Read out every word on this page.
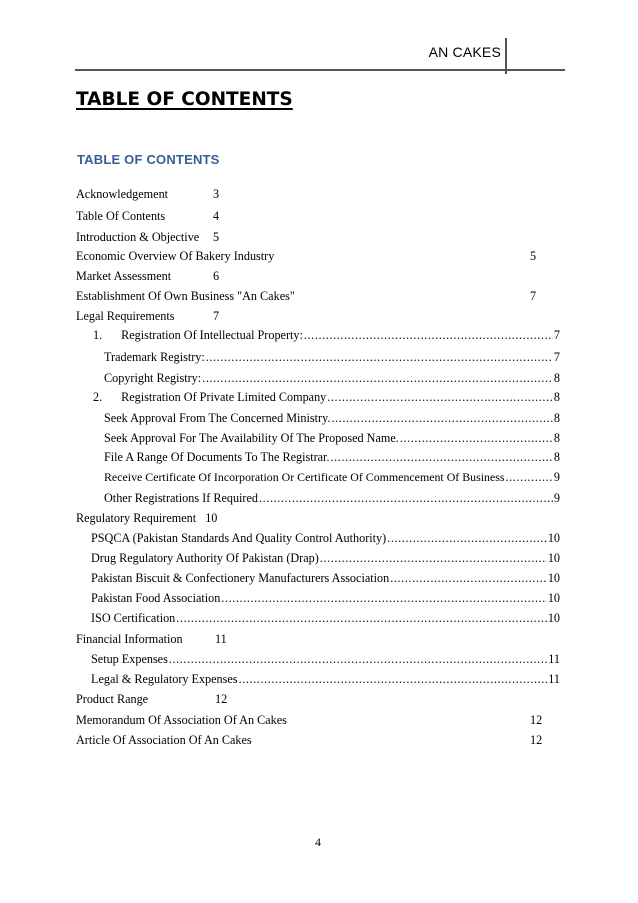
AN CAKES
TABLE OF CONTENTS
TABLE OF CONTENTS
Acknowledgement	3
Table Of Contents	4
Introduction & Objective 5
Economic Overview Of Bakery Industry	5
Market Assessment	6
Establishment Of Own Business "An Cakes"	7
Legal Requirements	7
1. Registration Of Intellectual Property: .....	7
Trademark Registry: .....	7
Copyright Registry: .....	8
2. Registration Of Private Limited Company .....	8
Seek Approval From The Concerned Ministry. .....	8
Seek Approval For The Availability Of The Proposed Name. .....	8
File A Range Of Documents To The Registrar. .....	8
Receive Certificate Of Incorporation Or Certificate Of Commencement Of Business .....	9
Other Registrations If Required .....	9
Regulatory Requirement 10
PSQCA (Pakistan Standards And Quality Control Authority) .....	10
Drug Regulatory Authority Of Pakistan (Drap) .....	10
Pakistan Biscuit & Confectionery Manufacturers Association .....	10
Pakistan Food Association .....	10
ISO Certification .....	10
Financial Information	11
Setup Expenses .....	11
Legal & Regulatory Expenses .....	11
Product Range	12
Memorandum Of Association Of An Cakes	12
Article Of Association Of An Cakes	12
4
